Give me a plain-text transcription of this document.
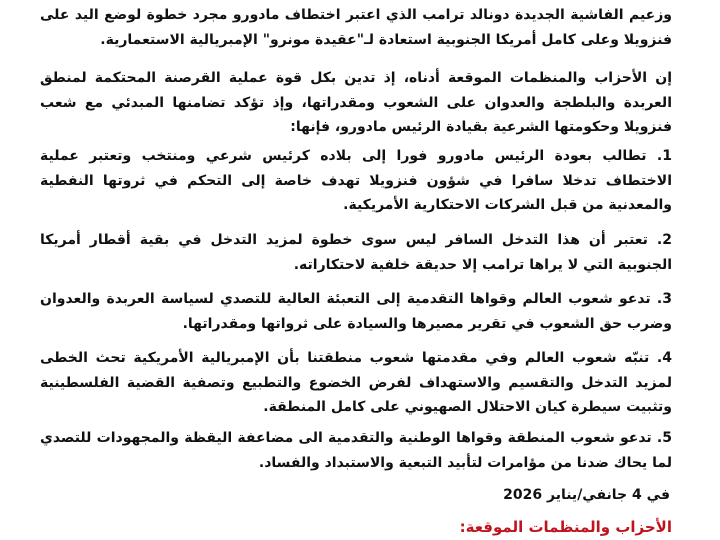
وزعيم الفاشية الجديدة دونالد ترامب الذي اعتبر اختطاف مادورو مجرد خطوة لوضع اليد على فنزويلا وعلى كامل أمريكا الجنوبية استعادة لـ"عقيدة مونرو" الإمبريالية الاستعمارية.

إن الأحزاب والمنظمات الموقعة أدناه، إذ تدين بكل قوة عملية القرصنة المحتكمة لمنطق العربدة والبلطجة والعدوان على الشعوب ومقدراتها، وإذ تؤكد تضامنها المبدئي مع شعب فنزويلا وحكومتها الشرعية بقيادة الرئيس مادورو، فإنها:

1. تطالب بعودة الرئيس مادورو فورا إلى بلاده كرئيس شرعي ومنتخب وتعتبر عملية الاختطاف تدخلا سافرا في شؤون فنزويلا تهدف خاصة إلى التحكم في ثروتها النفطية والمعدنية من قبل الشركات الاحتكارية الأمريكية.

2. تعتبر أن هذا التدخل السافر ليس سوى خطوة لمزيد التدخل في بقية أقطار أمريكا الجنوبية التي لا يراها ترامب إلا حديقة خلفية لاحتكاراته.

3. تدعو شعوب العالم وقواها التقدمية إلى التعبئة العالية للتصدي لسياسة العربدة والعدوان وضرب حق الشعوب في تقرير مصيرها والسيادة على ثرواتها ومقدراتها.

4. تنبّه شعوب العالم وفي مقدمتها شعوب منطقتنا بأن الإمبريالية الأمريكية تحث الخطى لمزيد التدخل والتقسيم والاستهداف لفرض الخضوع والتطبيع وتصفية القضية الفلسطينية وتثبيت سيطرة كيان الاحتلال الصهيوني على كامل المنطقة.

5. تدعو شعوب المنطقة وقواها الوطنية والتقدمية الى مضاعفة اليقظة والمجهودات للتصدي لما يحاك ضدنا من مؤامرات لتأبيد التبعية والاستبداد والفساد.

في 4 جانفي/يناير 2026
الأحزاب والمنظمات الموقعة:
